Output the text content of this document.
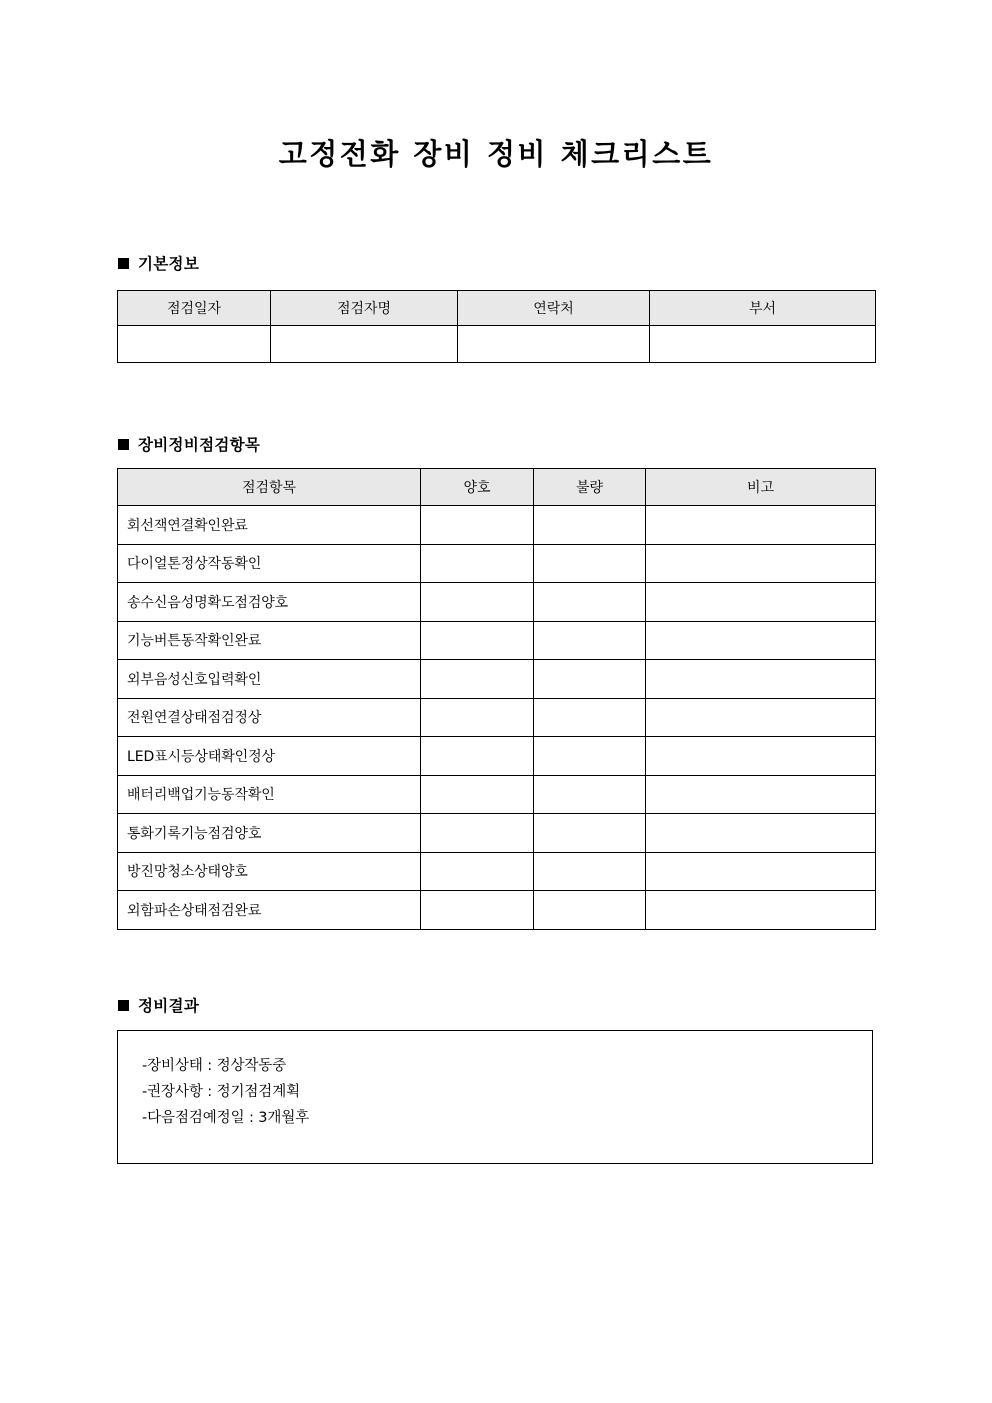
고정전화 장비 정비 체크리스트
기본정보
점검일자	점검자명	연락처	부서

장비정비점검항목
점검항목	양호	불량	비고
회선잭연결확인완료			
다이얼톤정상작동확인			
송수신음성명확도점검양호			
기능버튼동작확인완료			
외부음성신호입력확인			
전원연결상태점검정상			
LED표시등상태확인정상			
배터리백업기능동작확인			
통화기록기능점검양호			
방진망청소상태양호			
외함파손상태점검완료			
정비결과
-장비상태 : 정상작동중
-권장사항 : 정기점검계획
-다음점검예정일 : 3개월후
